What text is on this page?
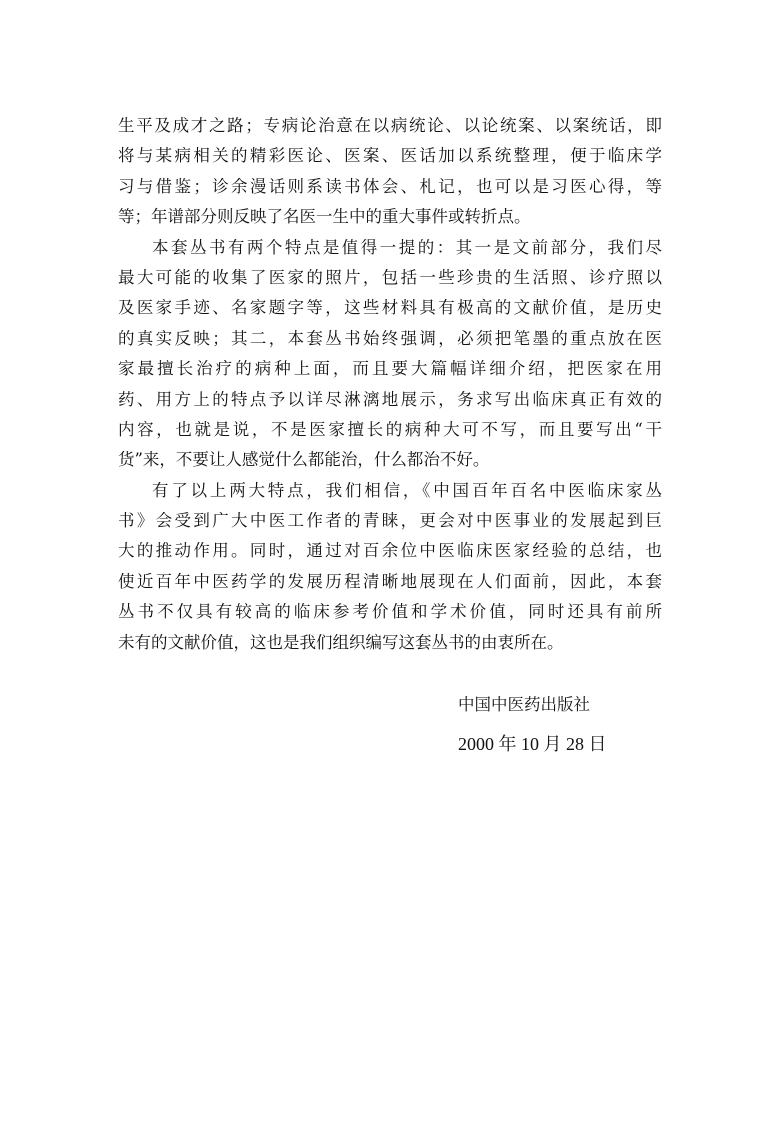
生平及成才之路；专病论治意在以病统论、以论统案、以案统话，即
将与某病相关的精彩医论、医案、医话加以系统整理，便于临床学
习与借鉴；诊余漫话则系读书体会、札记，也可以是习医心得，等
等；年谱部分则反映了名医一生中的重大事件或转折点。
本套丛书有两个特点是值得一提的：其一是文前部分，我们尽
最大可能的收集了医家的照片，包括一些珍贵的生活照、诊疗照以
及医家手迹、名家题字等，这些材料具有极高的文献价值，是历史
的真实反映；其二，本套丛书始终强调，必须把笔墨的重点放在医
家最擅长治疗的病种上面，而且要大篇幅详细介绍，把医家在用
药、用方上的特点予以详尽淋漓地展示，务求写出临床真正有效的
内容，也就是说，不是医家擅长的病种大可不写，而且要写出“干
货”来，不要让人感觉什么都能治，什么都治不好。
有了以上两大特点，我们相信，《中国百年百名中医临床家丛
书》会受到广大中医工作者的青睐，更会对中医事业的发展起到巨
大的推动作用。同时，通过对百余位中医临床医家经验的总结，也
使近百年中医药学的发展历程清晰地展现在人们面前，因此，本套
丛书不仅具有较高的临床参考价值和学术价值，同时还具有前所
未有的文献价值，这也是我们组织编写这套丛书的由衷所在。
中国中医药出版社
2000 年 10 月 28 日
